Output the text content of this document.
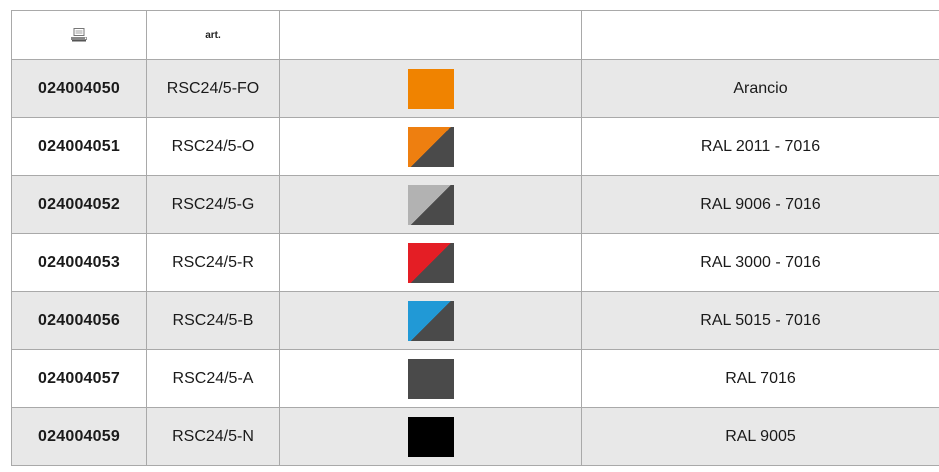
	art.		
024004050	RSC24/5-FO		Arancio
024004051	RSC24/5-O		RAL 2011 - 7016
024004052	RSC24/5-G		RAL 9006 - 7016
024004053	RSC24/5-R		RAL 3000 - 7016
024004056	RSC24/5-B		RAL 5015 - 7016
024004057	RSC24/5-A		RAL 7016
024004059	RSC24/5-N		RAL 9005
